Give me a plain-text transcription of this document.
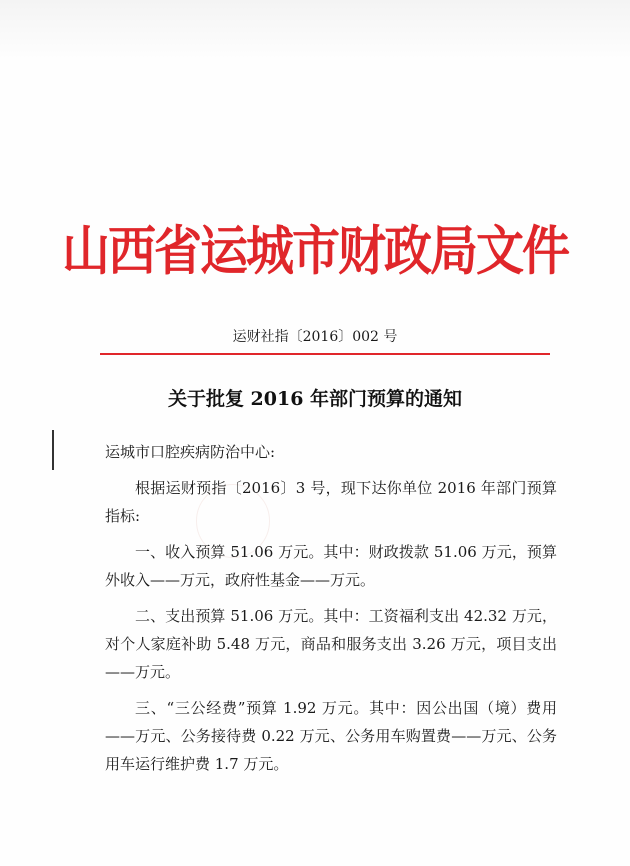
山西省运城市财政局文件
运财社指〔2016〕002 号
关于批复 2016 年部门预算的通知

运城市口腔疾病防治中心:

根据运财预指〔2016〕3 号，现下达你单位 2016 年部门预算指标:

一、收入预算 51.06 万元。其中：财政拨款 51.06 万元，预算外收入——万元，政府性基金——万元。

二、支出预算 51.06 万元。其中：工资福利支出 42.32 万元，对个人家庭补助 5.48 万元，商品和服务支出 3.26 万元，项目支出——万元。

三、“三公经费”预算 1.92 万元。其中：因公出国（境）费用——万元、公务接待费 0.22 万元、公务用车购置费——万元、公务用车运行维护费 1.7 万元。
